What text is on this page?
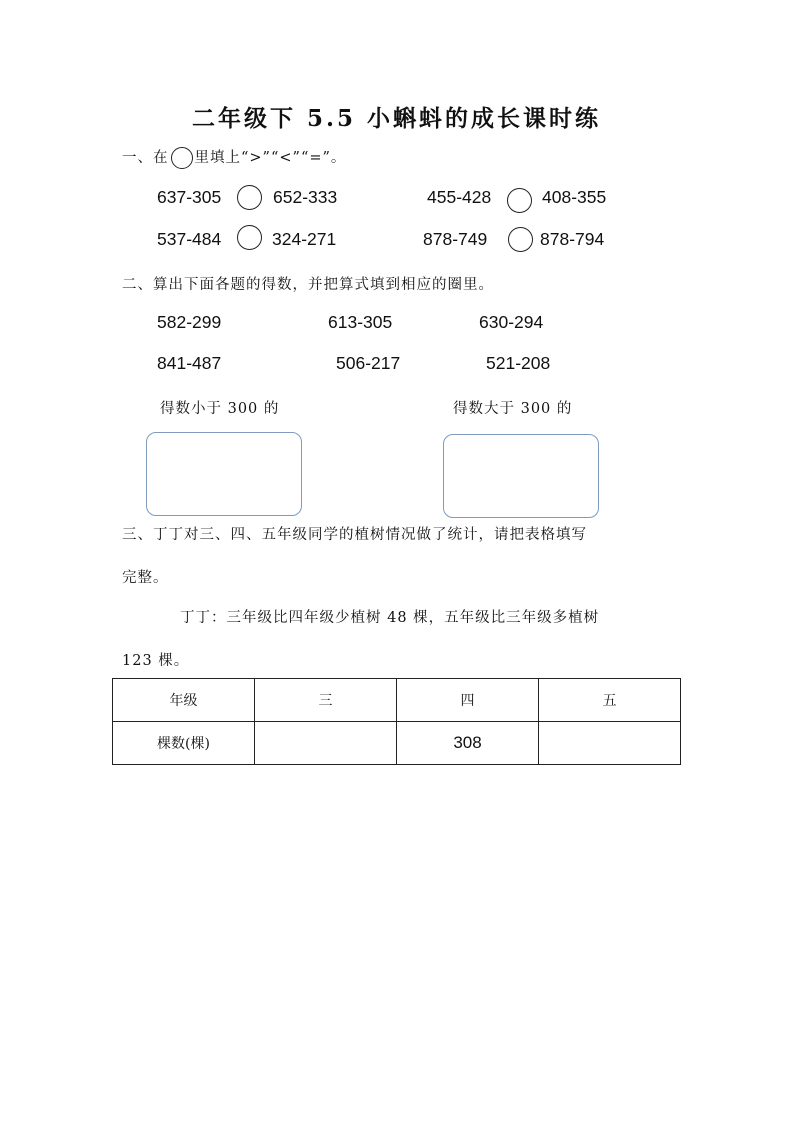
二年级下 5.5 小蝌蚪的成长课时练
一、在 里填上“>”“<”“=”。
637-305	652-333	455-428	408-355
537-484	324-271	878-749	878-794
二、算出下面各题的得数，并把算式填到相应的圈里。
582-299	613-305	630-294
841-487	506-217	521-208
得数小于 300 的	得数大于 300 的
三、丁丁对三、四、五年级同学的植树情况做了统计，请把表格填写
完整。
丁丁：三年级比四年级少植树 48 棵，五年级比三年级多植树
123 棵。
年级	三	四	五
棵数(棵)		308	
